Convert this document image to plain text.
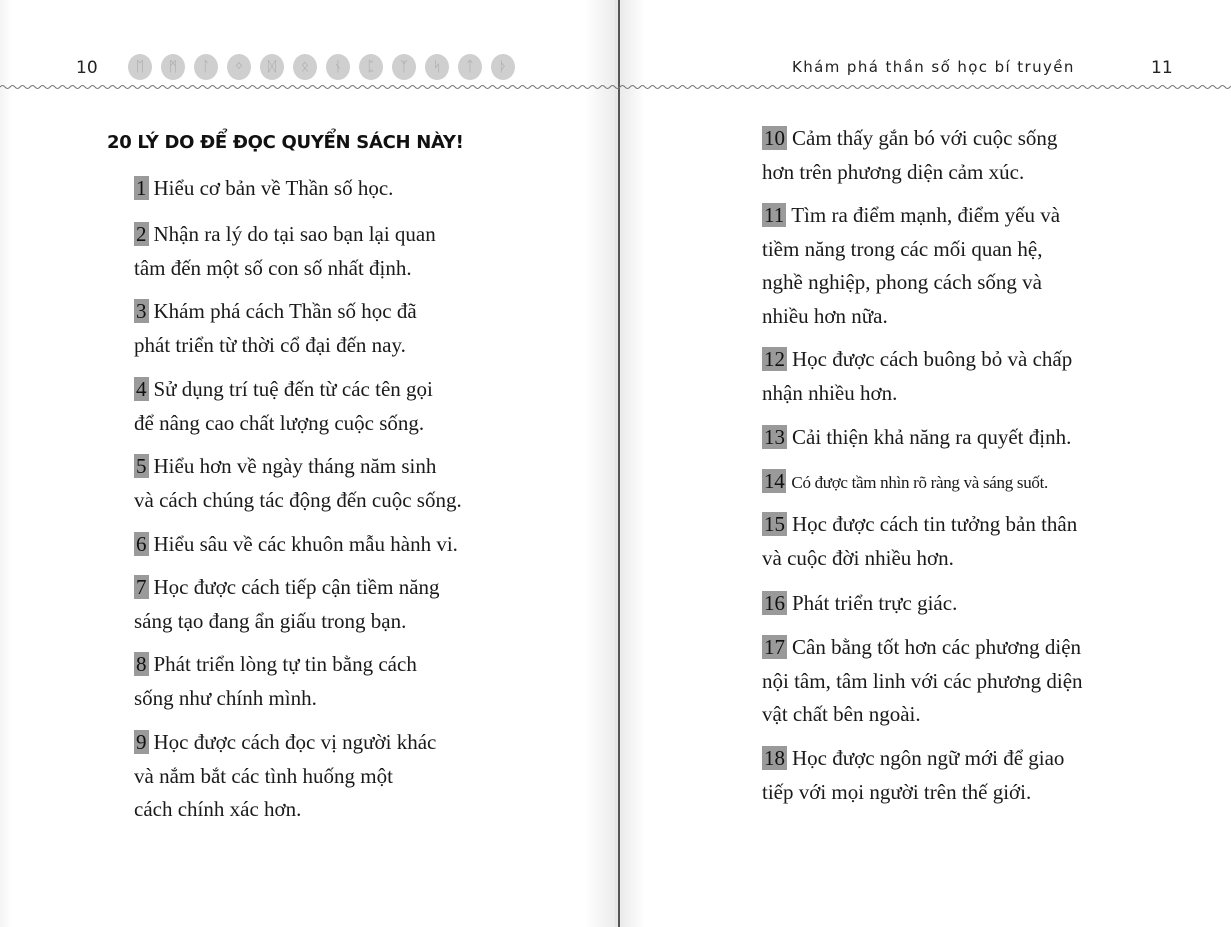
10	ᛖ	ᛗ	ᛚ	ᛜ	ᛞ	ᛟ	ᚾ	ᛈ	ᛉ	ᛋ	ᛏ	ᚦ	Khám phá thần số học bí truyền	11
20 LÝ DO ĐỂ ĐỌC QUYỂN SÁCH NÀY!
1 Hiểu cơ bản về Thần số học.
2 Nhận ra lý do tại sao bạn lại quan
tâm đến một số con số nhất định.
3 Khám phá cách Thần số học đã
phát triển từ thời cổ đại đến nay.
4 Sử dụng trí tuệ đến từ các tên gọi
để nâng cao chất lượng cuộc sống.
5 Hiểu hơn về ngày tháng năm sinh
và cách chúng tác động đến cuộc sống.
6 Hiểu sâu về các khuôn mẫu hành vi.
7 Học được cách tiếp cận tiềm năng
sáng tạo đang ẩn giấu trong bạn.
8 Phát triển lòng tự tin bằng cách
sống như chính mình.
9 Học được cách đọc vị người khác
và nắm bắt các tình huống một
cách chính xác hơn.
10 Cảm thấy gắn bó với cuộc sống
hơn trên phương diện cảm xúc.
11 Tìm ra điểm mạnh, điểm yếu và
tiềm năng trong các mối quan hệ,
nghề nghiệp, phong cách sống và
nhiều hơn nữa.
12 Học được cách buông bỏ và chấp
nhận nhiều hơn.
13 Cải thiện khả năng ra quyết định.
14 Có được tầm nhìn rõ ràng và sáng suốt.
15 Học được cách tin tưởng bản thân
và cuộc đời nhiều hơn.
16 Phát triển trực giác.
17 Cân bằng tốt hơn các phương diện
nội tâm, tâm linh với các phương diện
vật chất bên ngoài.
18 Học được ngôn ngữ mới để giao
tiếp với mọi người trên thế giới.
